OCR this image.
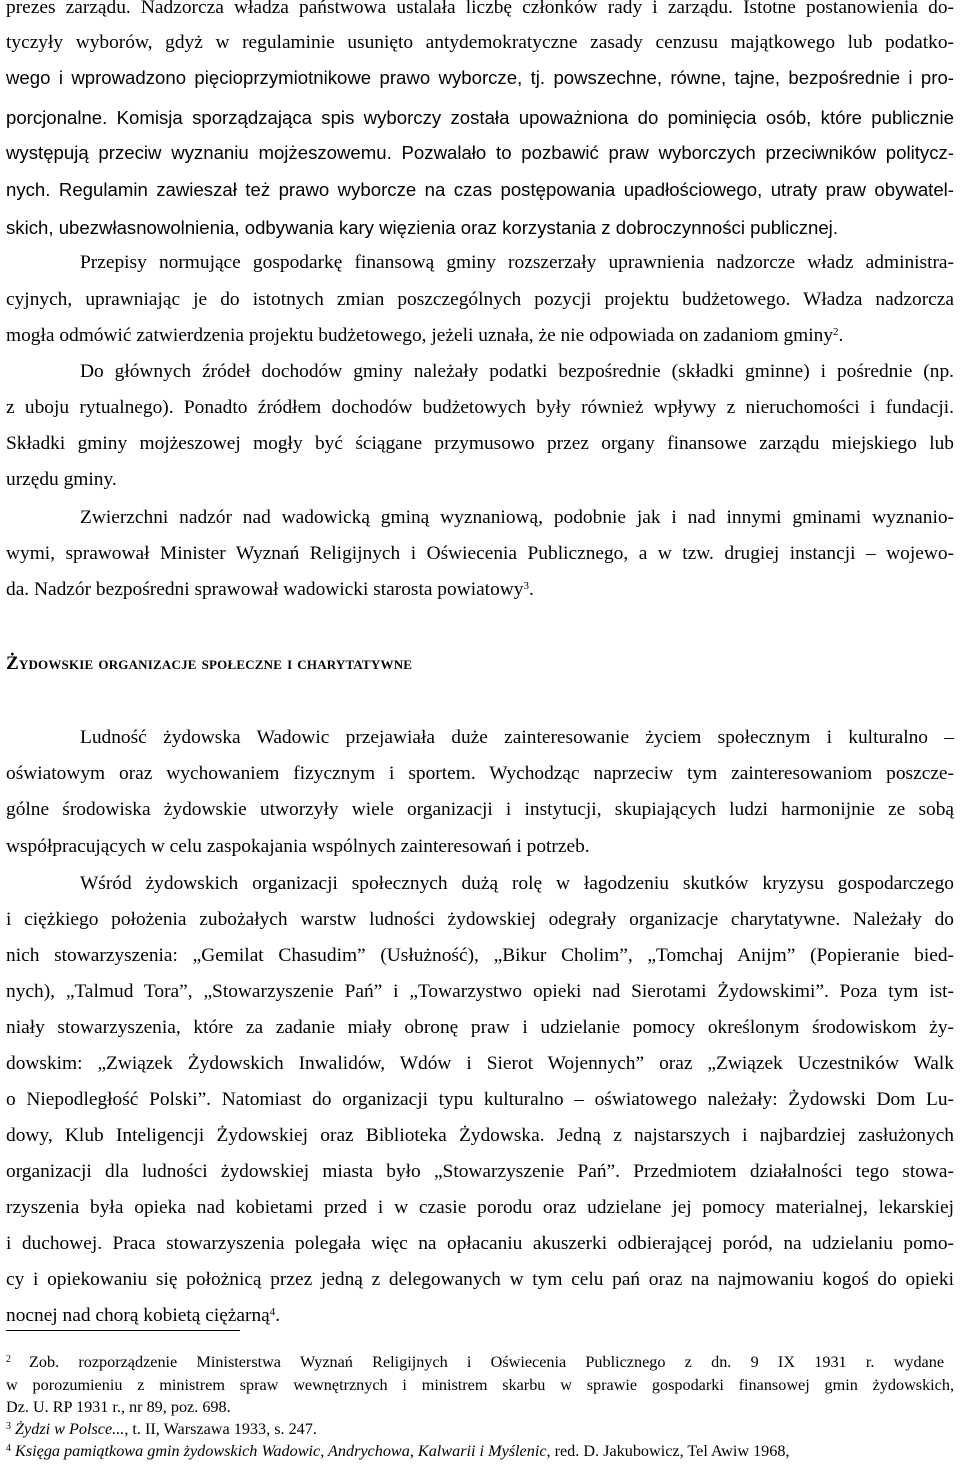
prezes zarządu. Nadzorcza władza państwowa ustalała liczbę członków rady i zarządu. Istotne postanowienia do-

tyczyły wyborów, gdyż w regulaminie usunięto antydemokratyczne zasady cenzusu majątkowego lub podatko-

wego i wprowadzono pięcioprzymiotnikowe prawo wyborcze, tj. powszechne, równe, tajne, bezpośrednie i pro-

porcjonalne. Komisja sporządzająca spis wyborczy została upoważniona do pominięcia osób, które publicznie

występują przeciw wyznaniu mojżeszowemu. Pozwalało to pozbawić praw wyborczych przeciwników politycz-

nych. Regulamin zawieszał też prawo wyborcze na czas postępowania upadłościowego, utraty praw obywatel-

skich, ubezwłasnowolnienia, odbywania kary więzienia oraz korzystania z dobroczynności publicznej.

Przepisy normujące gospodarkę finansową gminy rozszerzały uprawnienia nadzorcze władz administra-

cyjnych, uprawniając je do istotnych zmian poszczególnych pozycji projektu budżetowego. Władza nadzorcza

mogła odmówić zatwierdzenia projektu budżetowego, jeżeli uznała, że nie odpowiada on zadaniom gminy$^2$.

Do głównych źródeł dochodów gminy należały podatki bezpośrednie (składki gminne) i pośrednie (np.

z uboju rytualnego). Ponadto źródłem dochodów budżetowych były również wpływy z nieruchomości i fundacji.

Składki gminy mojżeszowej mogły być ściągane przymusowo przez organy finansowe zarządu miejskiego lub

urzędu gminy.

Zwierzchni nadzór nad wadowicką gminą wyznaniową, podobnie jak i nad innymi gminami wyznanio-

wymi, sprawował Minister Wyznań Religijnych i Oświecenia Publicznego, a w tzw. drugiej instancji – wojewo-

da. Nadzór bezpośredni sprawował wadowicki starosta powiatowy$^3$.

Żydowskie organizacje społeczne i charytatywne

Ludność żydowska Wadowic przejawiała duże zainteresowanie życiem społecznym i kulturalno –

oświatowym oraz wychowaniem fizycznym i sportem. Wychodząc naprzeciw tym zainteresowaniom poszcze-

gólne środowiska żydowskie utworzyły wiele organizacji i instytucji, skupiających ludzi harmonijnie ze sobą

współpracujących w celu zaspokajania wspólnych zainteresowań i potrzeb.

Wśród żydowskich organizacji społecznych dużą rolę w łagodzeniu skutków kryzysu gospodarczego

i ciężkiego położenia zubożałych warstw ludności żydowskiej odegrały organizacje charytatywne. Należały do

nich stowarzyszenia: „Gemilat Chasudim” (Usłużność), „Bikur Cholim”, „Tomchaj Anijm” (Popieranie bied-

nych), „Talmud Tora”, „Stowarzyszenie Pań” i „Towarzystwo opieki nad Sierotami Żydowskimi”. Poza tym ist-

niały stowarzyszenia, które za zadanie miały obronę praw i udzielanie pomocy określonym środowiskom ży-

dowskim: „Związek Żydowskich Inwalidów, Wdów i Sierot Wojennych” oraz „Związek Uczestników Walk

o Niepodległość Polski”. Natomiast do organizacji typu kulturalno – oświatowego należały: Żydowski Dom Lu-

dowy, Klub Inteligencji Żydowskiej oraz Biblioteka Żydowska. Jedną z najstarszych i najbardziej zasłużonych

organizacji dla ludności żydowskiej miasta było „Stowarzyszenie Pań”. Przedmiotem działalności tego stowa-

rzyszenia była opieka nad kobietami przed i w czasie porodu oraz udzielane jej pomocy materialnej, lekarskiej

i duchowej. Praca stowarzyszenia polegała więc na opłacaniu akuszerki odbierającej poród, na udzielaniu pomo-

cy i opiekowaniu się położnicą przez jedną z delegowanych w tym celu pań oraz na najmowaniu kogoś do opieki

nocnej nad chorą kobietą ciężarną$^4$.

$^2$ Zob. rozporządzenie Ministerstwa Wyznań Religijnych i Oświecenia Publicznego z dn. 9 IX 1931 r. wydane

w porozumieniu z ministrem spraw wewnętrznych i ministrem skarbu w sprawie gospodarki finansowej gmin żydowskich,

Dz. U. RP 1931 r., nr 89, poz. 698.

$^3$ Żydzi w Polsce..., t. II, Warszawa 1933, s. 247.

$^4$ Księga pamiątkowa gmin żydowskich Wadowic, Andrychowa, Kalwarii i Myślenic, red. D. Jakubowicz, Tel Awiw 1968,
